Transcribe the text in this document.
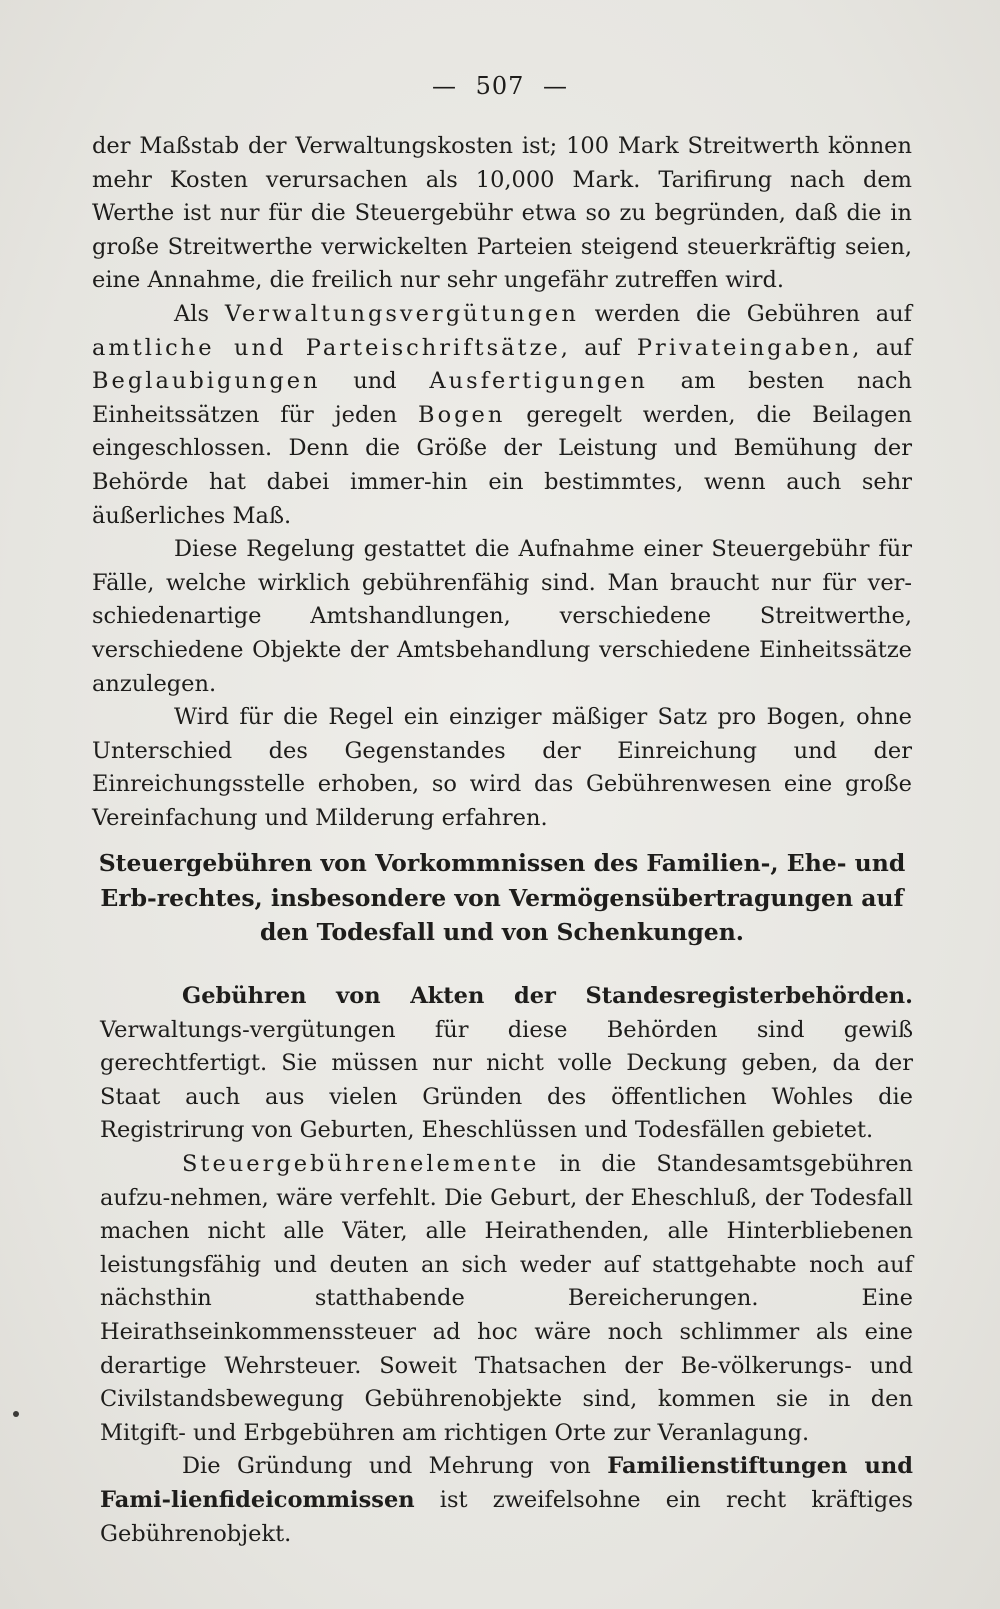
— 507 —

der Maßstab der Verwaltungskosten ist; 100 Mark Streitwerth können mehr Kosten verursachen als 10,000 Mark. Tarifirung nach dem Werthe ist nur für die Steuergebühr etwa so zu begründen, daß die in große Streitwerthe verwickelten Parteien steigend steuerkräftig seien, eine Annahme, die freilich nur sehr ungefähr zutreffen wird.

Als Verwaltungsvergütungen werden die Gebühren auf amtliche und Parteischriftsätze, auf Privateingaben, auf Beglaubigungen und Ausfertigungen am besten nach Einheitssätzen für jeden Bogen geregelt werden, die Beilagen eingeschlossen. Denn die Größe der Leistung und Bemühung der Behörde hat dabei immer-hin ein bestimmtes, wenn auch sehr äußerliches Maß.

Diese Regelung gestattet die Aufnahme einer Steuergebühr für Fälle, welche wirklich gebührenfähig sind. Man braucht nur für ver-schiedenartige Amtshandlungen, verschiedene Streitwerthe, verschiedene Objekte der Amtsbehandlung verschiedene Einheitssätze anzulegen.

Wird für die Regel ein einziger mäßiger Satz pro Bogen, ohne Unterschied des Gegenstandes der Einreichung und der Einreichungsstelle erhoben, so wird das Gebührenwesen eine große Vereinfachung und Milderung erfahren.

Steuergebühren von Vorkommnissen des Familien-, Ehe- und Erb-rechtes, insbesondere von Vermögensübertragungen auf den Todesfall und von Schenkungen.

Gebühren von Akten der Standesregisterbehörden. Verwaltungs-vergütungen für diese Behörden sind gewiß gerechtfertigt. Sie müssen nur nicht volle Deckung geben, da der Staat auch aus vielen Gründen des öffentlichen Wohles die Registrirung von Geburten, Eheschlüssen und Todesfällen gebietet.

Steuergebührenelemente in die Standesamtsgebühren aufzu-nehmen, wäre verfehlt. Die Geburt, der Eheschluß, der Todesfall machen nicht alle Väter, alle Heirathenden, alle Hinterbliebenen leistungsfähig und deuten an sich weder auf stattgehabte noch auf nächsthin statthabende Bereicherungen. Eine Heirathseinkommenssteuer ad hoc wäre noch schlimmer als eine derartige Wehrsteuer. Soweit Thatsachen der Be-völkerungs- und Civilstandsbewegung Gebührenobjekte sind, kommen sie in den Mitgift- und Erbgebühren am richtigen Orte zur Veranlagung.

Die Gründung und Mehrung von Familienstiftungen und Fami-lienfideicommissen ist zweifelsohne ein recht kräftiges Gebührenobjekt.
